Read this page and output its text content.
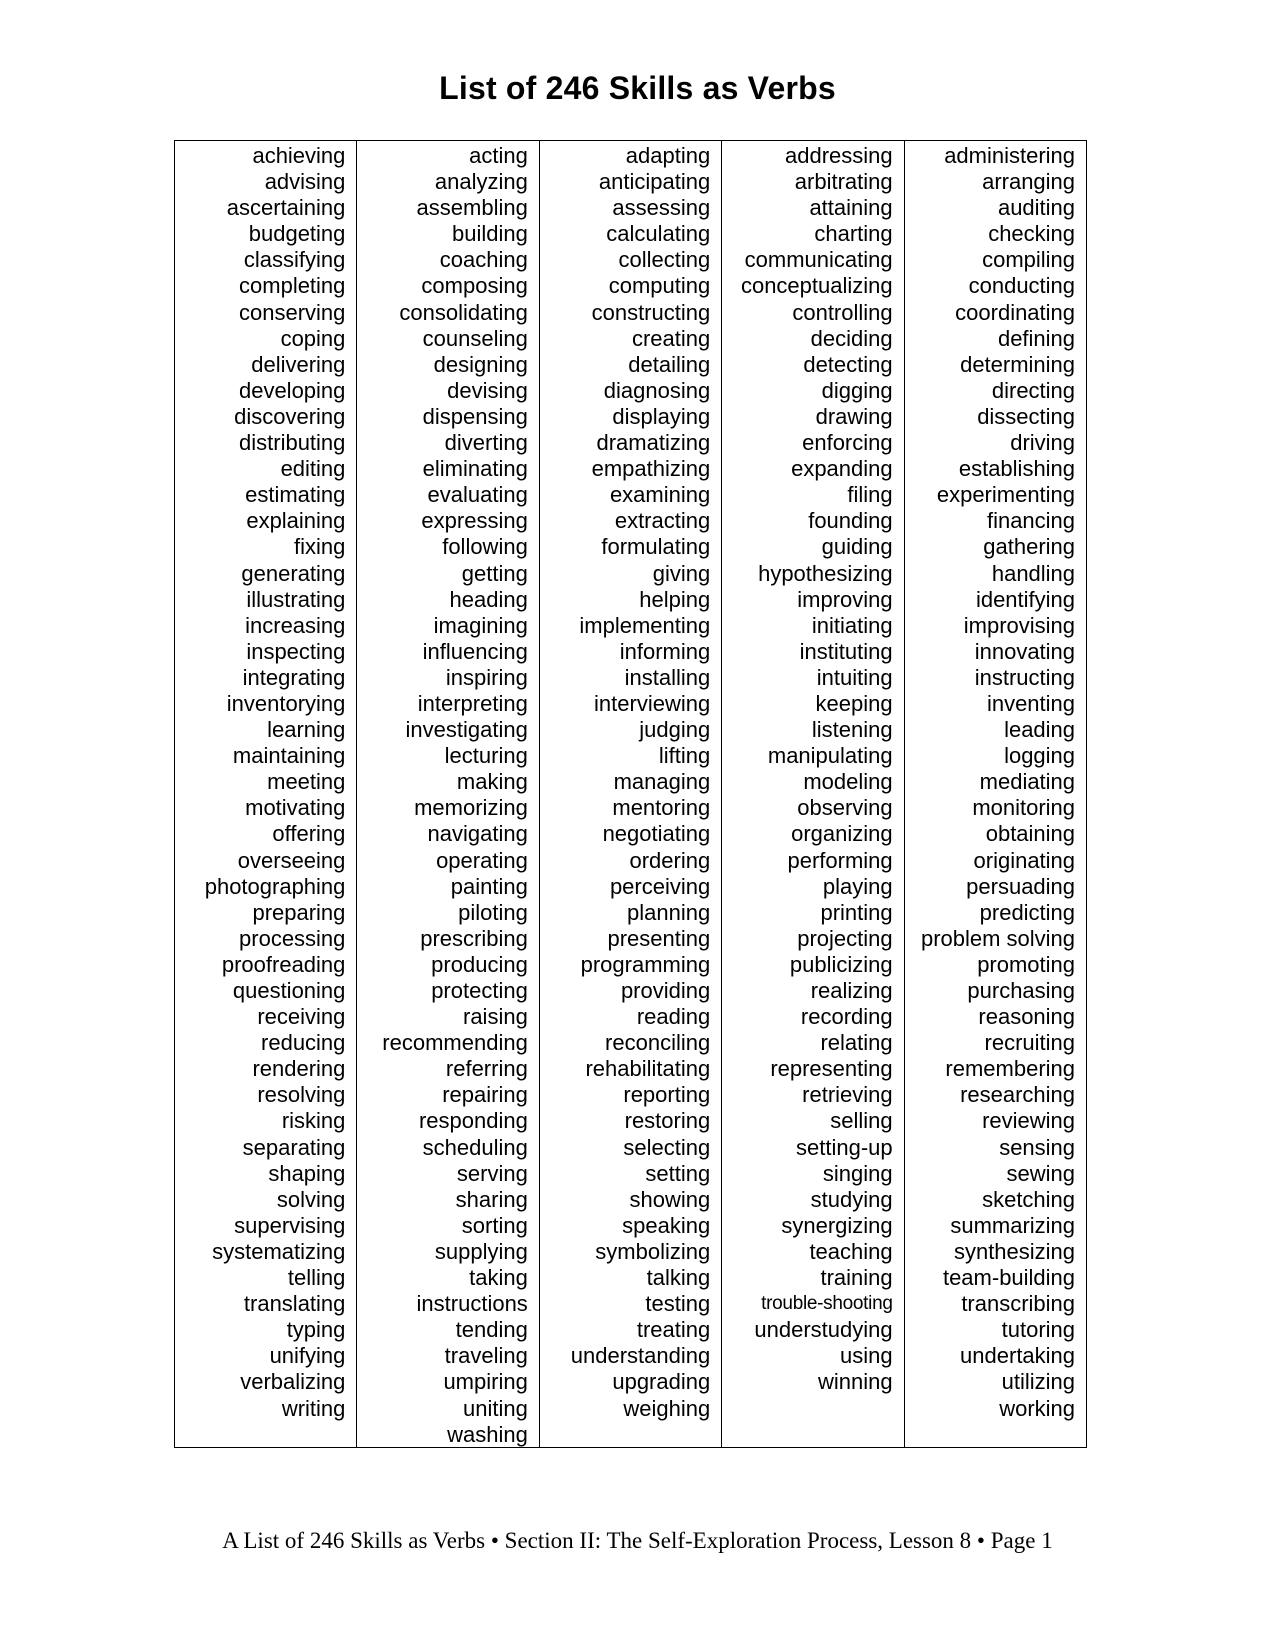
List of 246 Skills as Verbs
achieving
advising
ascertaining
budgeting
classifying
completing
conserving
coping
delivering
developing
discovering
distributing
editing
estimating
explaining
fixing
generating
illustrating
increasing
inspecting
integrating
inventorying
learning
maintaining
meeting
motivating
offering
overseeing
photographing
preparing
processing
proofreading
questioning
receiving
reducing
rendering
resolving
risking
separating
shaping
solving
supervising
systematizing
telling
translating
typing
unifying
verbalizing
writing
acting
analyzing
assembling
building
coaching
composing
consolidating
counseling
designing
devising
dispensing
diverting
eliminating
evaluating
expressing
following
getting
heading
imagining
influencing
inspiring
interpreting
investigating
lecturing
making
memorizing
navigating
operating
painting
piloting
prescribing
producing
protecting
raising
recommending
referring
repairing
responding
scheduling
serving
sharing
sorting
supplying
taking
instructions
tending
traveling
umpiring
uniting
washing
adapting
anticipating
assessing
calculating
collecting
computing
constructing
creating
detailing
diagnosing
displaying
dramatizing
empathizing
examining
extracting
formulating
giving
helping
implementing
informing
installing
interviewing
judging
lifting
managing
mentoring
negotiating
ordering
perceiving
planning
presenting
programming
providing
reading
reconciling
rehabilitating
reporting
restoring
selecting
setting
showing
speaking
symbolizing
talking
testing
treating
understanding
upgrading
weighing
addressing
arbitrating
attaining
charting
communicating
conceptualizing
controlling
deciding
detecting
digging
drawing
enforcing
expanding
filing
founding
guiding
hypothesizing
improving
initiating
instituting
intuiting
keeping
listening
manipulating
modeling
observing
organizing
performing
playing
printing
projecting
publicizing
realizing
recording
relating
representing
retrieving
selling
setting-up
singing
studying
synergizing
teaching
training
trouble-shooting
understudying
using
winning
administering
arranging
auditing
checking
compiling
conducting
coordinating
defining
determining
directing
dissecting
driving
establishing
experimenting
financing
gathering
handling
identifying
improvising
innovating
instructing
inventing
leading
logging
mediating
monitoring
obtaining
originating
persuading
predicting
problem solving
promoting
purchasing
reasoning
recruiting
remembering
researching
reviewing
sensing
sewing
sketching
summarizing
synthesizing
team-building
transcribing
tutoring
undertaking
utilizing
working
A List of 246 Skills as Verbs • Section II: The Self-Exploration Process, Lesson 8 • Page 1
